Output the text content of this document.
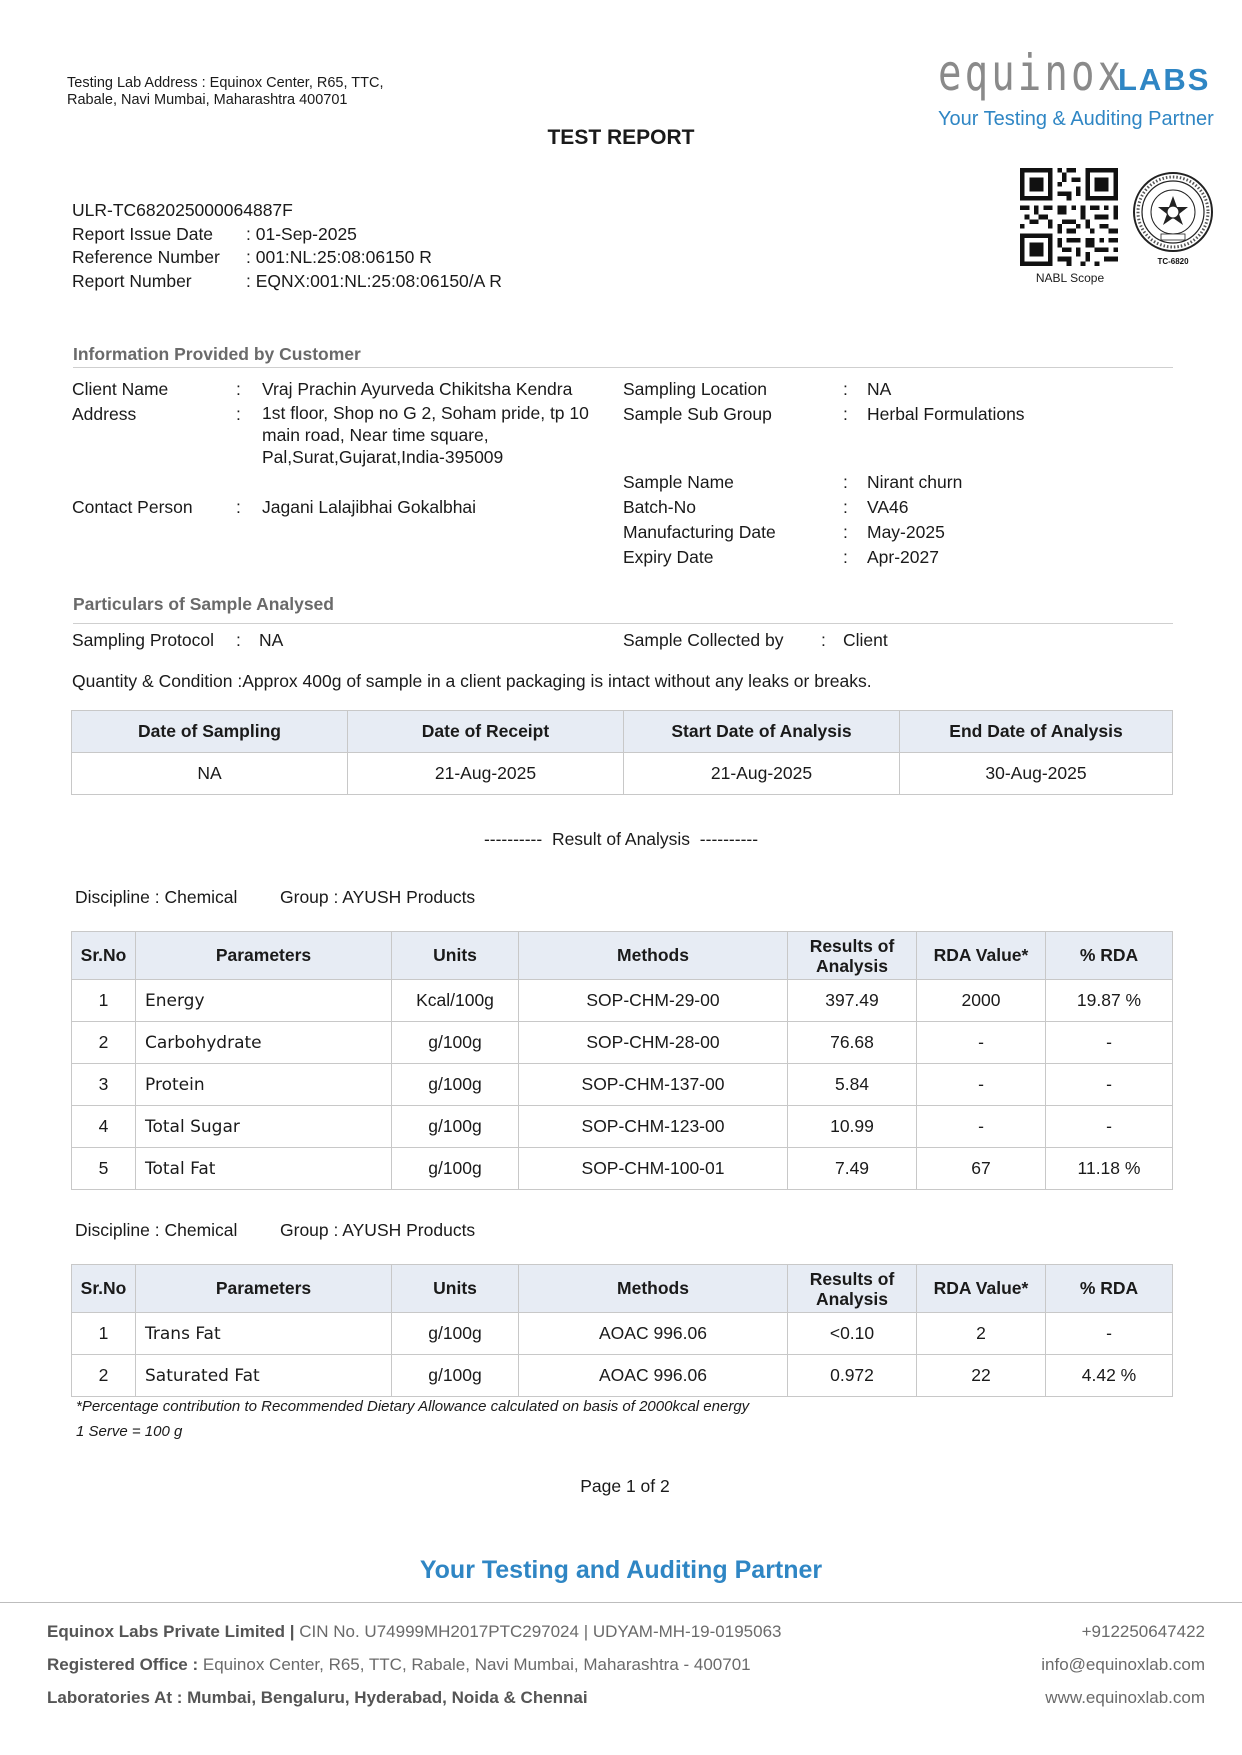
Testing Lab Address : Equinox Center, R65, TTC, Rabale, Navi Mumbai, Maharashtra 400701
TEST REPORT
equinox
LABS
Your Testing & Auditing Partner
NABL Scope
TC-6820
ULR-TC682025000064887F
Report Issue Date : 01-Sep-2025
Reference Number : 001:NL:25:08:06150 R
Report Number	: EQNX:001:NL:25:08:06150/A R
Information Provided by Customer
Client Name	: Vraj Prachin Ayurveda Chikitsha Kendra
Address	: 1st floor, Shop no G 2, Soham pride, tp 10
main road, Near time square,
Pal,Surat,Gujarat,India-395009
Contact Person : Jagani Lalajibhai Gokalbhai
Sampling Location	: NA
Sample Sub Group	: Herbal Formulations
Sample Name	: Nirant churn
Batch-No	: VA46
Manufacturing Date	: May-2025
Expiry Date	: Apr-2027
Particulars of Sample Analysed
Sampling Protocol : NA	Sample Collected by : Client
Quantity & Condition :Approx 400g of sample in a client packaging is intact without any leaks or breaks.
Date of Sampling	Date of Receipt	Start Date of Analysis	End Date of Analysis
NA	21-Aug-2025	21-Aug-2025	30-Aug-2025
----------  Result of Analysis  ----------
Discipline : Chemical Group : AYUSH Products
Sr.No	Parameters	Units	Methods	Results of Analysis	RDA Value*	% RDA
1	Energy	Kcal/100g	SOP-CHM-29-00	397.49	2000	19.87 %
2	Carbohydrate	g/100g	SOP-CHM-28-00	76.68	-	-
3	Protein	g/100g	SOP-CHM-137-00	5.84	-	-
4	Total Sugar	g/100g	SOP-CHM-123-00	10.99	-	-
5	Total Fat	g/100g	SOP-CHM-100-01	7.49	67	11.18 %
Discipline : Chemical Group : AYUSH Products
Sr.No	Parameters	Units	Methods	Results of Analysis	RDA Value*	% RDA
1	Trans Fat	g/100g	AOAC 996.06	<0.10	2	-
2	Saturated Fat	g/100g	AOAC 996.06	0.972	22	4.42 %
*Percentage contribution to Recommended Dietary Allowance calculated on basis of 2000kcal energy
1 Serve = 100 g
Page 1 of 2
Your Testing and Auditing Partner
Equinox Labs Private Limited | CIN No. U74999MH2017PTC297024 | UDYAM-MH-19-0195063
Registered Office : Equinox Center, R65, TTC, Rabale, Navi Mumbai, Maharashtra - 400701
Laboratories At : Mumbai, Bengaluru, Hyderabad, Noida & Chennai
+912250647422
info@equinoxlab.com
www.equinoxlab.com
